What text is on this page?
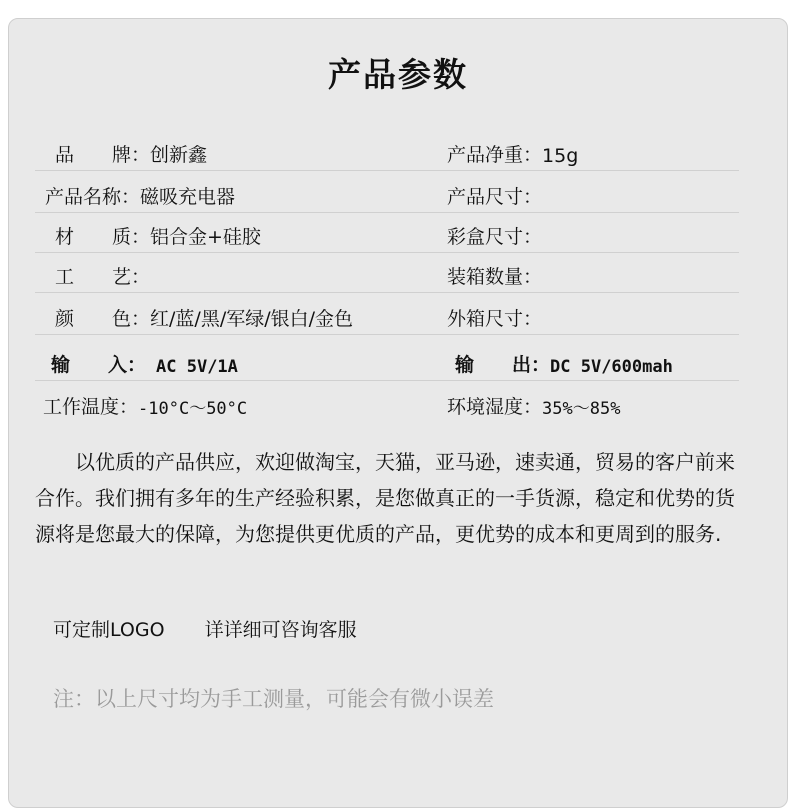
产品参数
品　　牌： 创新鑫	产品净重： 15g
产品名称： 磁吸充电器	产品尺寸：
材　　质： 铝合金+硅胶	彩盒尺寸：
工　　艺：	装箱数量：
颜　　色： 红/蓝/黑/军绿/银白/金色	外箱尺寸：
输　　入： AC 5V/1A	输　　出： DC 5V/600mah
工作温度： -10°C～50°C	环境湿度： 35%～85%
以优质的产品供应，欢迎做淘宝，天猫，亚马逊，速卖通，贸易的客户前来合作。我们拥有多年的生产经验积累，是您做真正的一手货源，稳定和优势的货源将是您最大的保障，为您提供更优质的产品，更优势的成本和更周到的服务.
可定制LOGO 详详细可咨询客服
注：以上尺寸均为手工测量，可能会有微小误差
